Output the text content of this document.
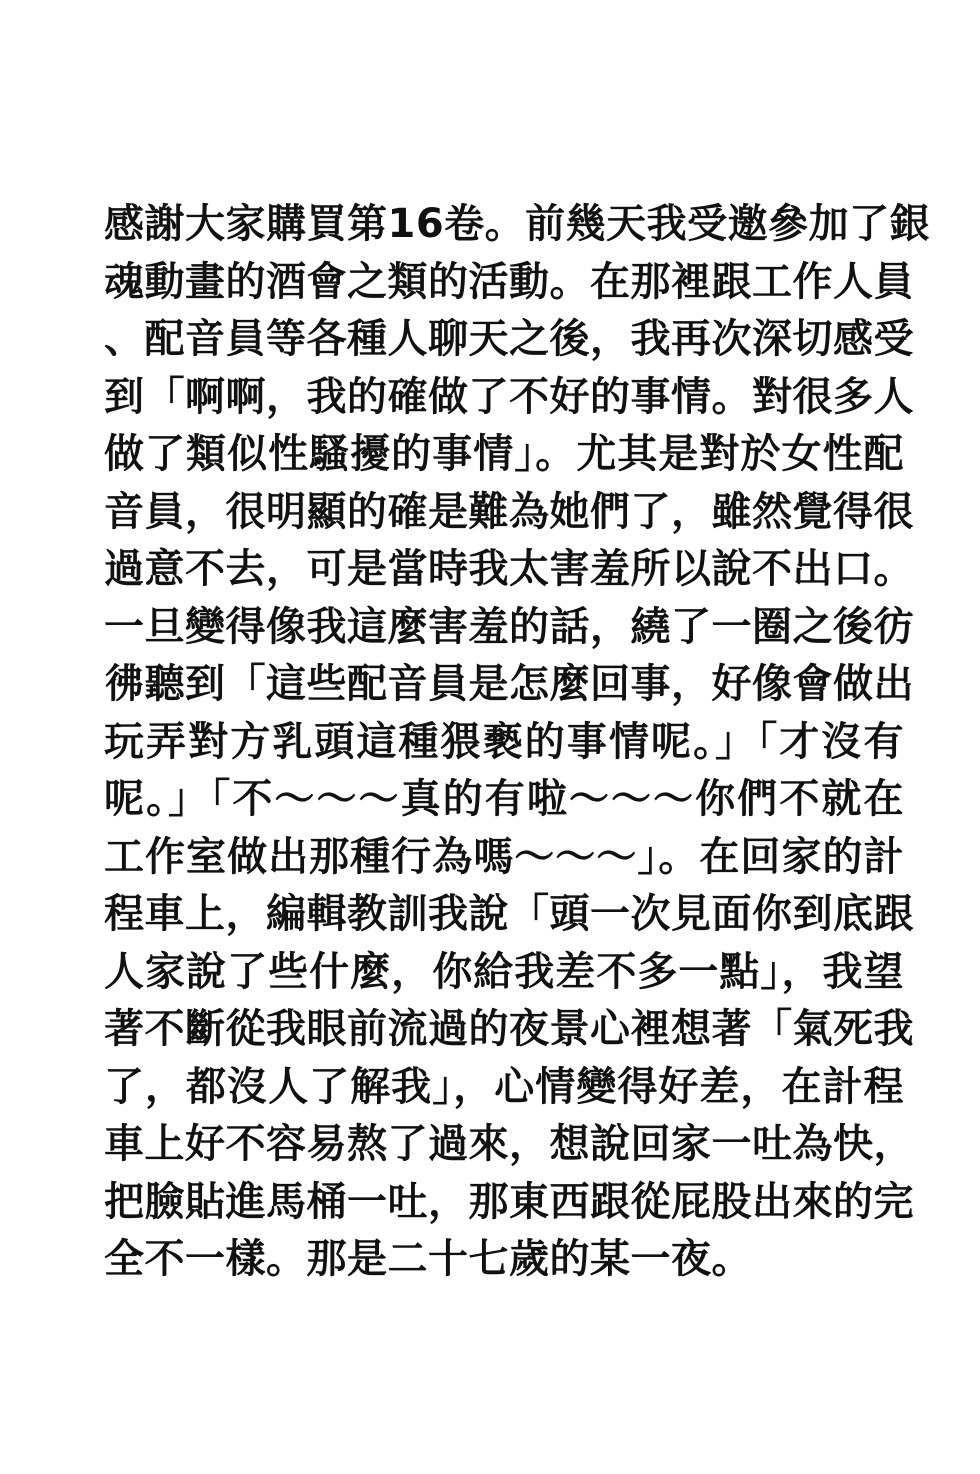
感謝大家購買第16卷。前幾天我受邀參加了銀
魂動畫的酒會之類的活動。在那裡跟工作人員
、配音員等各種人聊天之後，我再次深切感受
到「啊啊，我的確做了不好的事情。對很多人
做了類似性騷擾的事情」。尤其是對於女性配
音員，很明顯的確是難為她們了，雖然覺得很
過意不去，可是當時我太害羞所以說不出口。
一旦變得像我這麼害羞的話，繞了一圈之後彷
彿聽到「這些配音員是怎麼回事，好像會做出
玩弄對方乳頭這種猥褻的事情呢。」「才沒有
呢。」「不～～～真的有啦～～～你們不就在
工作室做出那種行為嗎～～～」。在回家的計
程車上，編輯教訓我說「頭一次見面你到底跟
人家說了些什麼，你給我差不多一點」，我望
著不斷從我眼前流過的夜景心裡想著「氣死我
了，都沒人了解我」，心情變得好差，在計程
車上好不容易熬了過來，想說回家一吐為快，
把臉貼進馬桶一吐，那東西跟從屁股出來的完
全不一樣。那是二十七歲的某一夜。
